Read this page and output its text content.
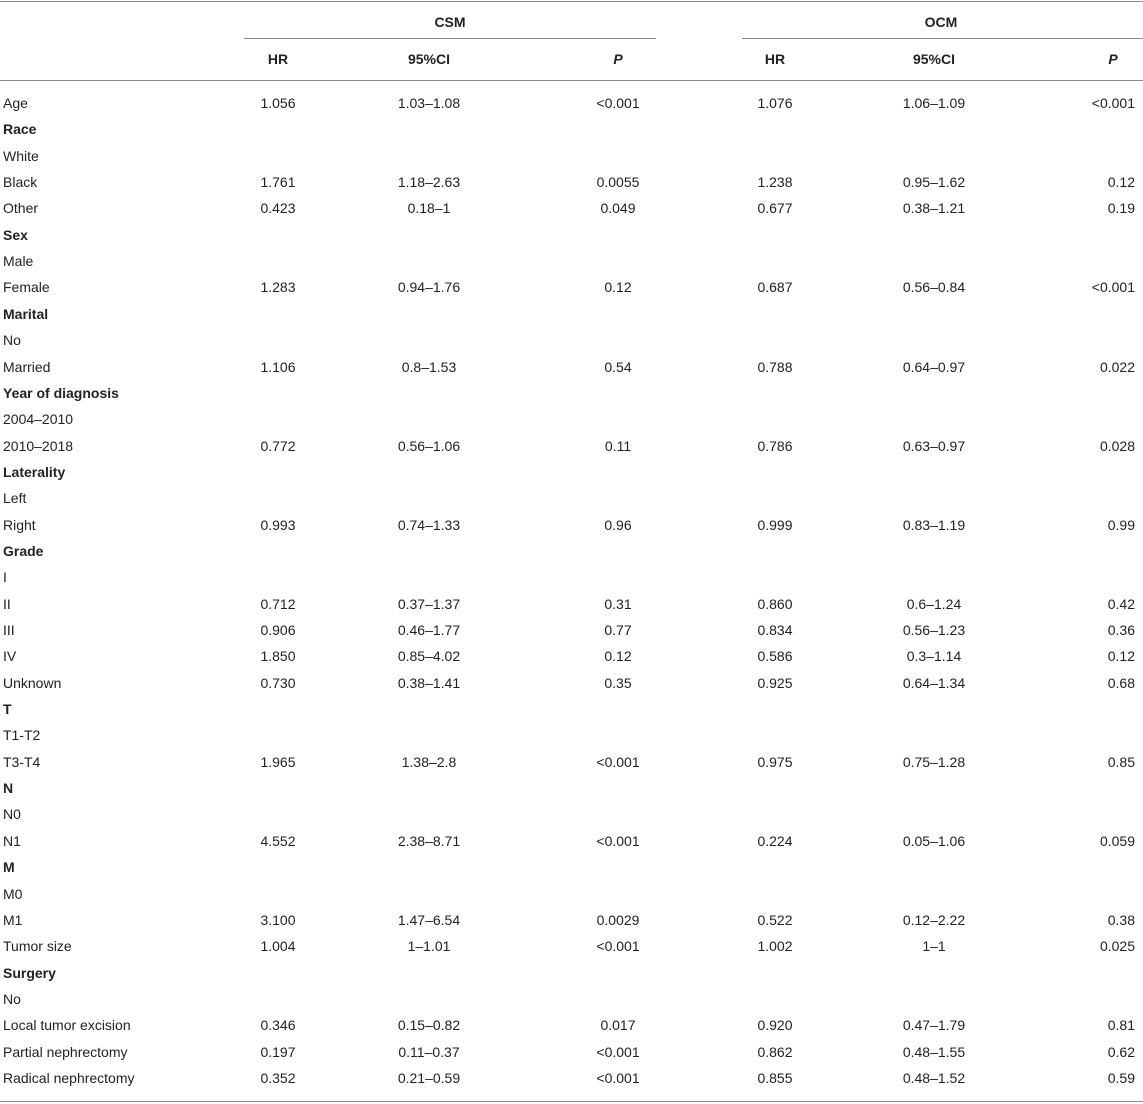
CSM	OCM
HR	95%CI	P	HR	95%CI	P
Age	1.056	1.03–1.08	<0.001	1.076	1.06–1.09	<0.001
Race
White
Black	1.761	1.18–2.63	0.0055	1.238	0.95–1.62	0.12
Other	0.423	0.18–1	0.049	0.677	0.38–1.21	0.19
Sex
Male
Female	1.283	0.94–1.76	0.12	0.687	0.56–0.84	<0.001
Marital
No
Married	1.106	0.8–1.53	0.54	0.788	0.64–0.97	0.022
Year of diagnosis
2004–2010
2010–2018	0.772	0.56–1.06	0.11	0.786	0.63–0.97	0.028
Laterality
Left
Right	0.993	0.74–1.33	0.96	0.999	0.83–1.19	0.99
Grade
I
II	0.712	0.37–1.37	0.31	0.860	0.6–1.24	0.42
III	0.906	0.46–1.77	0.77	0.834	0.56–1.23	0.36
IV	1.850	0.85–4.02	0.12	0.586	0.3–1.14	0.12
Unknown	0.730	0.38–1.41	0.35	0.925	0.64–1.34	0.68
T
T1-T2
T3-T4	1.965	1.38–2.8	<0.001	0.975	0.75–1.28	0.85
N
N0
N1	4.552	2.38–8.71	<0.001	0.224	0.05–1.06	0.059
M
M0
M1	3.100	1.47–6.54	0.0029	0.522	0.12–2.22	0.38
Tumor size	1.004	1–1.01	<0.001	1.002	1–1	0.025
Surgery
No
Local tumor excision	0.346	0.15–0.82	0.017	0.920	0.47–1.79	0.81
Partial nephrectomy	0.197	0.11–0.37	<0.001	0.862	0.48–1.55	0.62
Radical nephrectomy	0.352	0.21–0.59	<0.001	0.855	0.48–1.52	0.59
